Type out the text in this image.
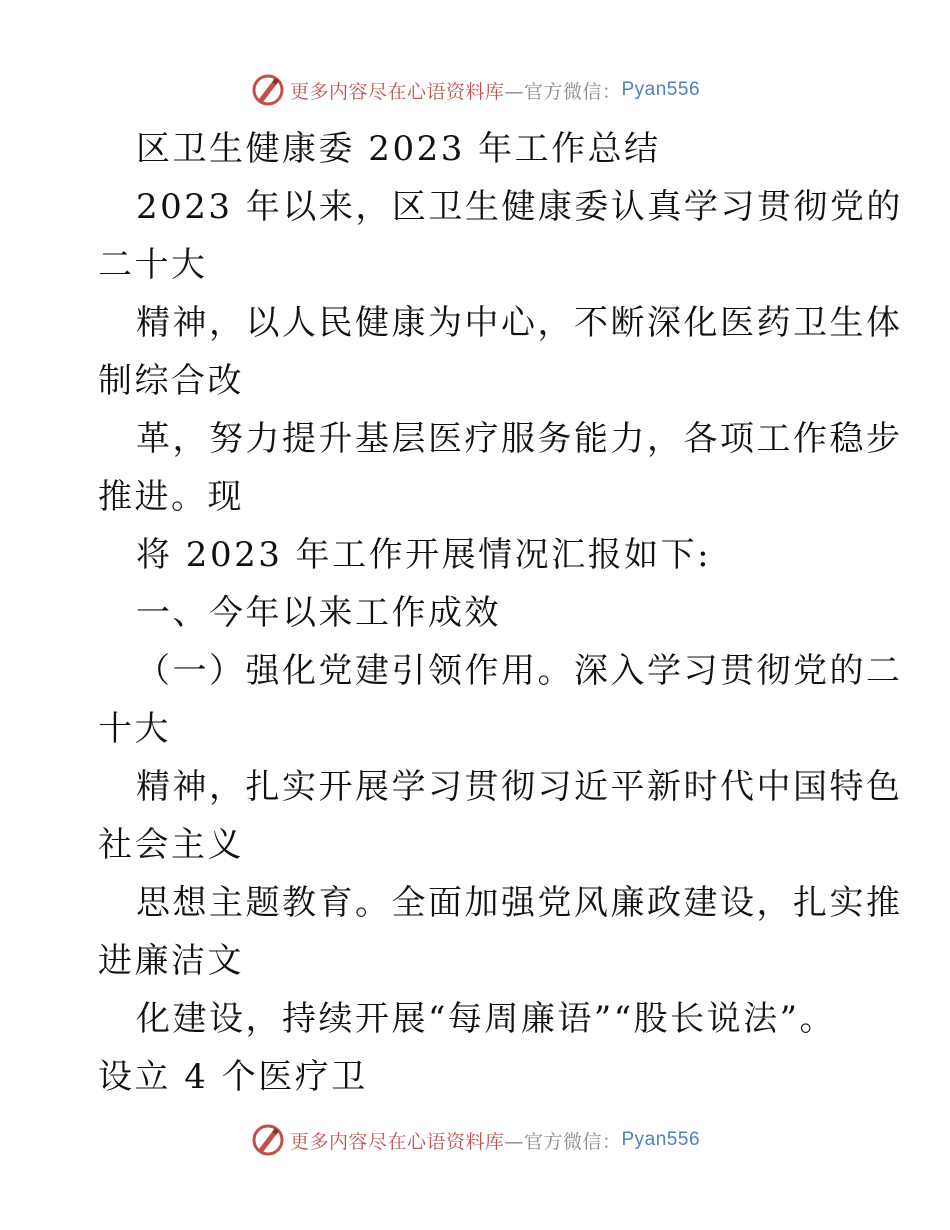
更多内容尽在心语资料库 —官方微信： Pyan556
区卫生健康委 2023 年工作总结
2023 年以来，区卫生健康委认真学习贯彻党的
二十大
精神，以人民健康为中心，不断深化医药卫生体
制综合改
革，努力提升基层医疗服务能力，各项工作稳步
推进。现
将 2023 年工作开展情况汇报如下:
一、今年以来工作成效
（一）强化党建引领作用。深入学习贯彻党的二
十大
精神，扎实开展学习贯彻习近平新时代中国特色
社会主义
思想主题教育。全面加强党风廉政建设，扎实推
进廉洁文
化建设，持续开展“每周廉语”“股长说法”。
设立 4 个医疗卫
更多内容尽在心语资料库 —官方微信： Pyan556
